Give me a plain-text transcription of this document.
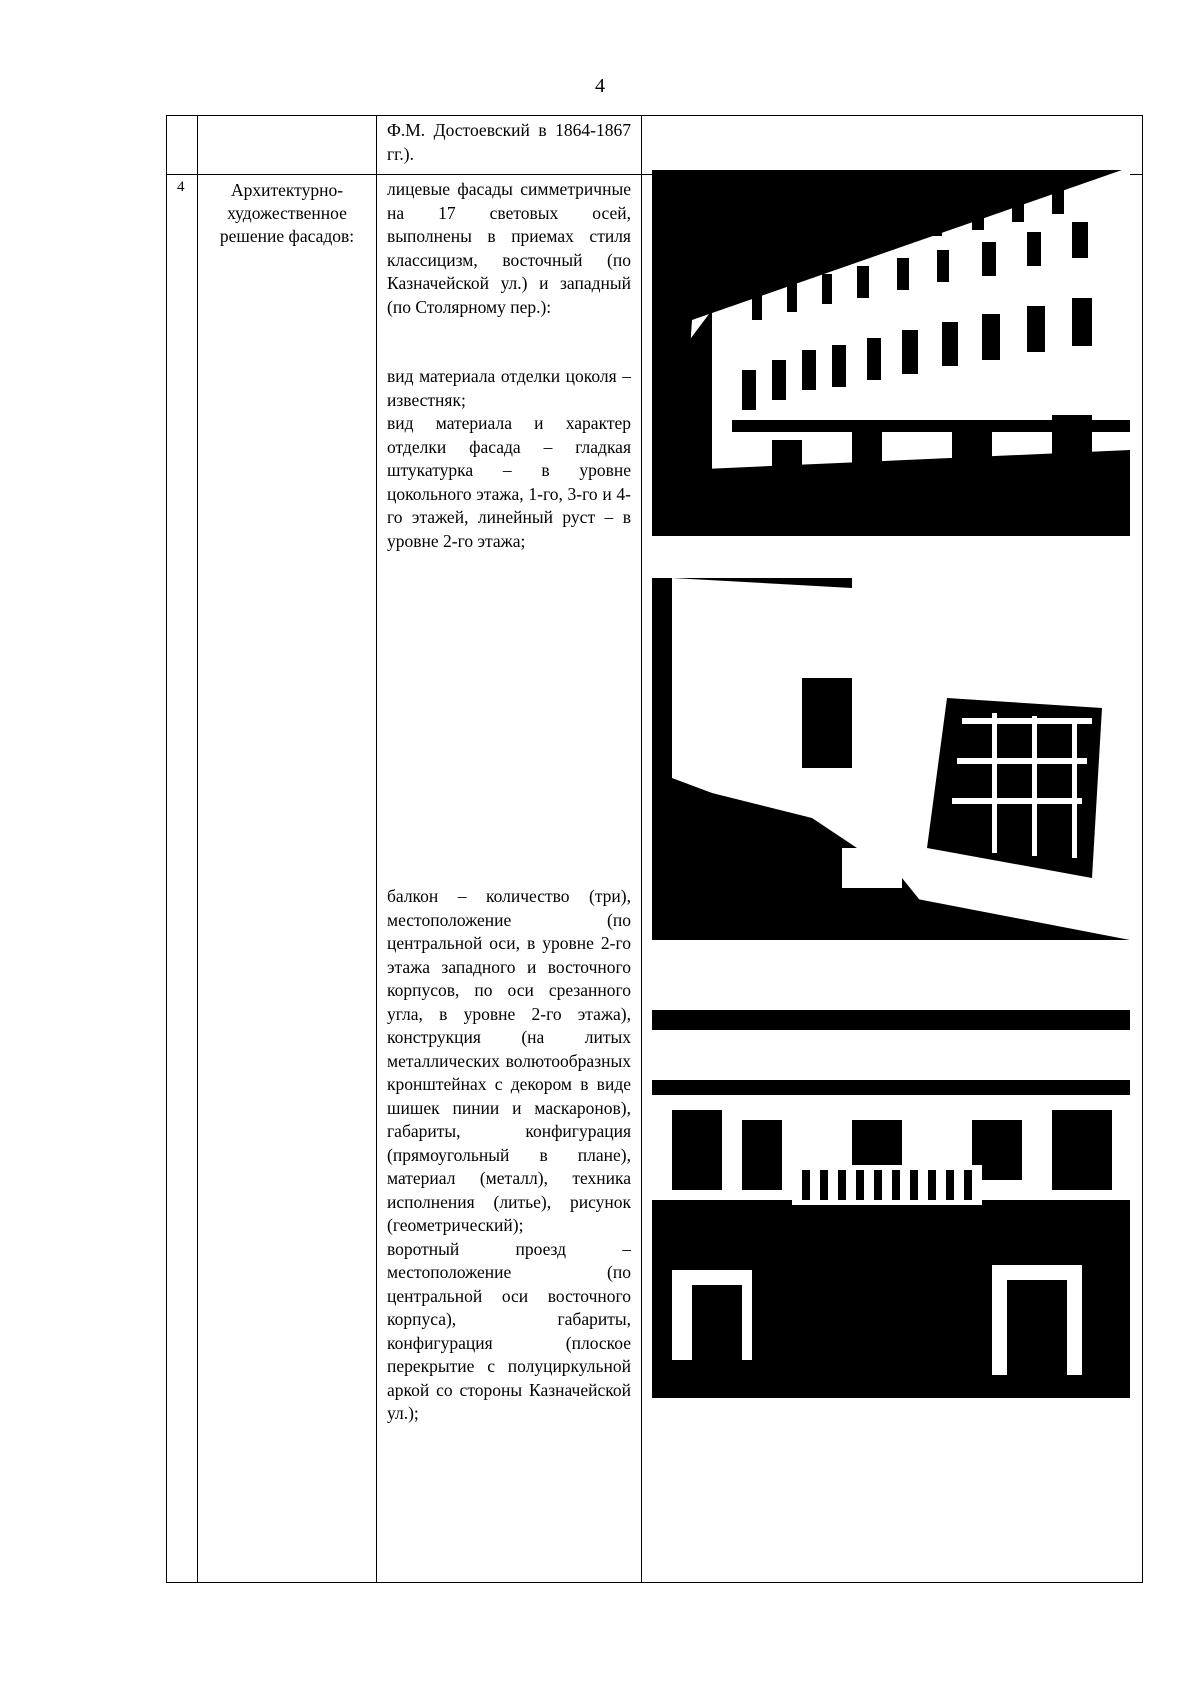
4

		Ф.М. Достоевский в 1864-1867 гг.).	

4	Архитектурно-художественное решение фасадов:	лицевые фасады симметричные на 17 световых осей, выполнены в приемах стиля классицизм, восточный (по Казначейской ул.) и западный (по Столярному пер.):
вид материала отделки цоколя – известняк;
вид материала и характер отделки фасада – гладкая штукатурка – в уровне цокольного этажа, 1-го, 3-го и 4-го этажей, линейный руст – в уровне 2-го этажа;
балкон – количество (три), местоположение (по центральной оси, в уровне 2-го этажа западного и восточного корпусов, по оси срезанного угла, в уровне 2-го этажа), конструкция (на литых металлических волютообразных кронштейнах с декором в виде шишек пинии и маскаронов), габариты, конфигурация (прямоугольный в плане), материал (металл), техника исполнения (литье), рисунок (геометрический);
воротный проезд – местоположение (по центральной оси восточного корпуса), габариты, конфигурация (плоское перекрытие с полуциркульной аркой со стороны Казначейской ул.);	
